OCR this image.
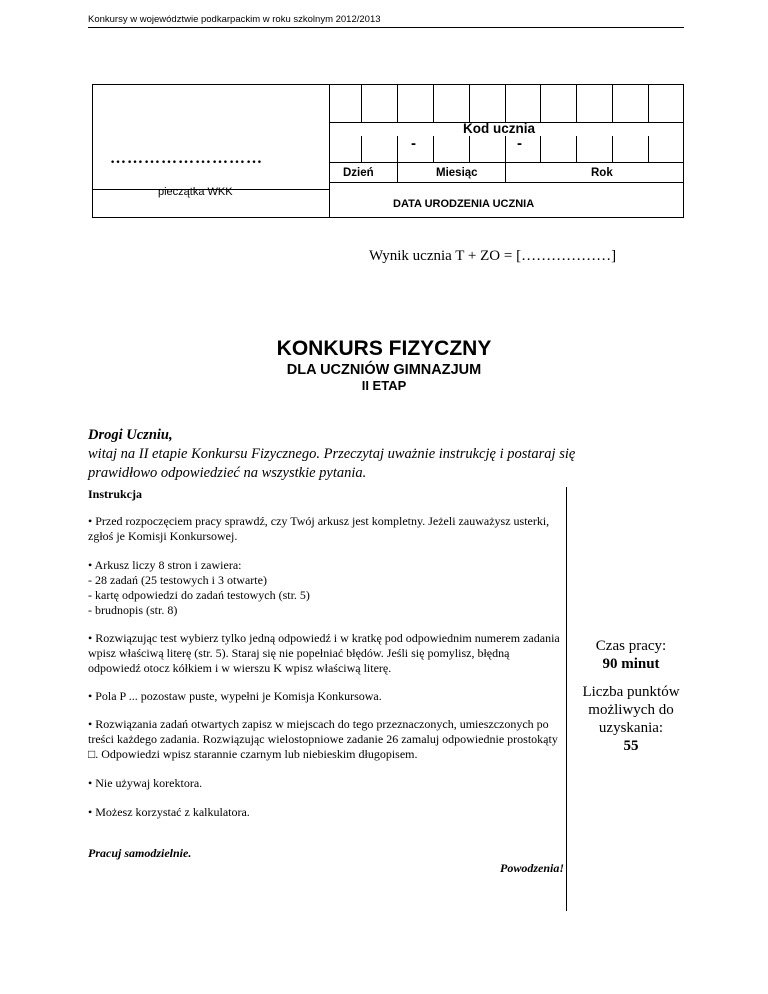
Konkursy w województwie podkarpackim w roku szkolnym 2012/2013
Kod ucznia
-	-
Dzień	Miesiąc	Rok
DATA URODZENIA UCZNIA
………………………
pieczątka WKK
Wynik ucznia T + ZO = [………………]
KONKURS FIZYCZNY
DLA UCZNIÓW GIMNAZJUM
II ETAP
Drogi Uczniu,
witaj na II etapie Konkursu Fizycznego. Przeczytaj uważnie instrukcję i postaraj się prawidłowo odpowiedzieć na wszystkie pytania.

Instrukcja

• Przed rozpoczęciem pracy sprawdź, czy Twój arkusz jest kompletny. Jeżeli zauważysz usterki, zgłoś je Komisji Konkursowej.

• Arkusz liczy 8 stron i zawiera:

- 28 zadań (25 testowych i 3 otwarte)

- kartę odpowiedzi do zadań testowych (str. 5)

- brudnopis (str. 8)

• Rozwiązując test wybierz tylko jedną odpowiedź i w kratkę pod odpowiednim numerem zadania wpisz właściwą literę (str. 5). Staraj się nie popełniać błędów. Jeśli się pomylisz, błędną odpowiedź otocz kółkiem i w wierszu K wpisz właściwą literę.

• Pola P ... pozostaw puste, wypełni je Komisja Konkursowa.

• Rozwiązania zadań otwartych zapisz w miejscach do tego przeznaczonych, umieszczonych po treści każdego zadania. Rozwiązując wielostopniowe zadanie 26 zamaluj odpowiednie prostokąty □. Odpowiedzi wpisz starannie czarnym lub niebieskim długopisem.

• Nie używaj korektora.

• Możesz korzystać z kalkulatora.

Pracuj samodzielnie.

Powodzenia!

Czas pracy:
90 minut
Liczba punktów możliwych do uzyskania:
55
